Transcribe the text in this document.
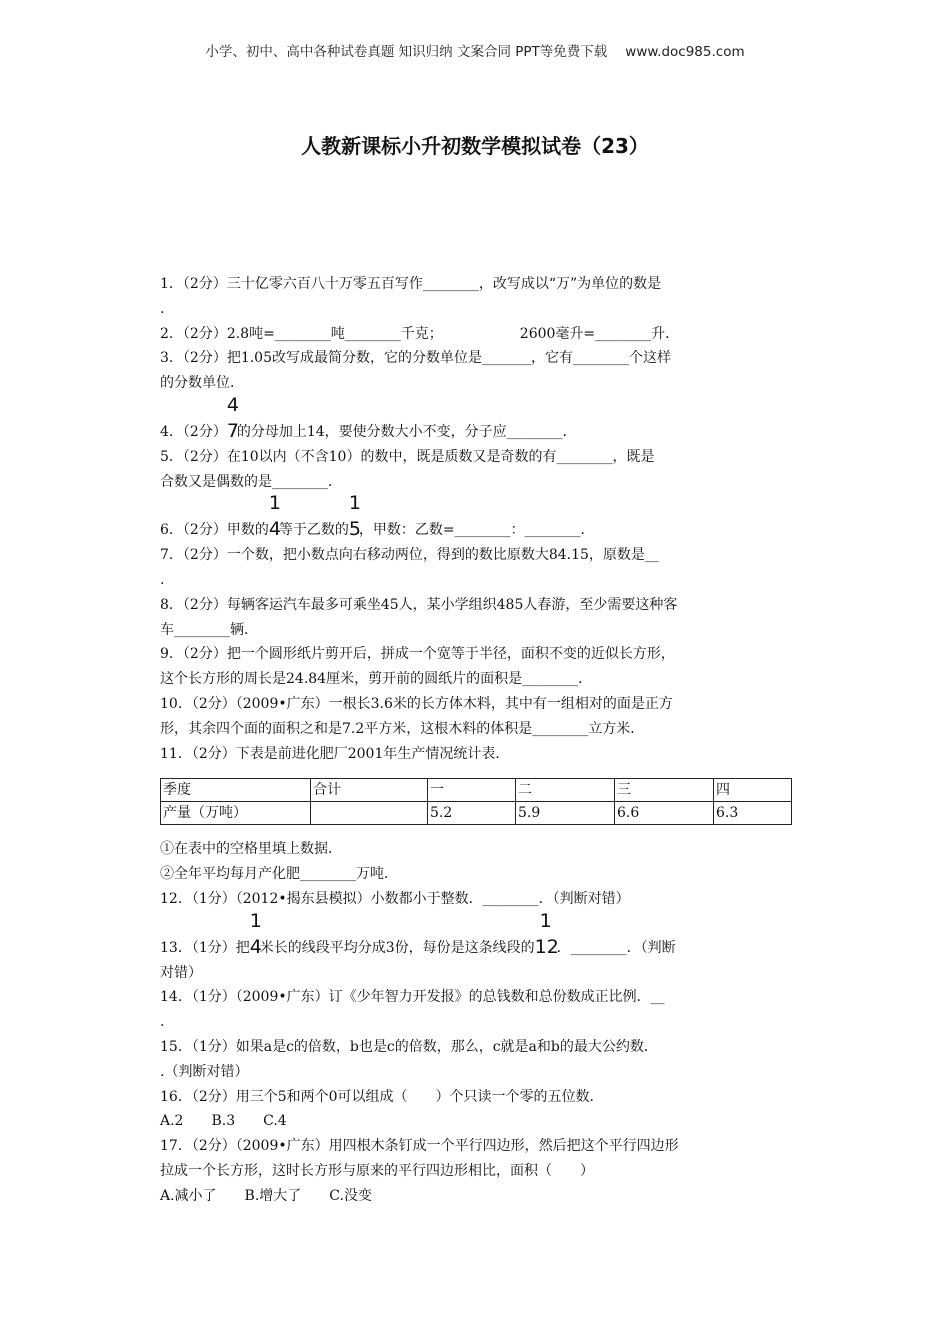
小学、初中、高中各种试卷真题 知识归纳 文案合同 PPT等免费下载 www.doc985.com
人教新课标小升初数学模拟试卷（23）
1．（2分）三十亿零六百八十万零五百写作________，改写成以“万”为单位的数是
.
2．（2分）2.8吨=________吨________千克；　　　　　　2600毫升=________升．
3．（2分）把1.05改写成最简分数，它的分数单位是_______，它有________个这样
的分数单位．
4．（2分）
4
7
的分母加上14，要使分数大小不变，分子应________．
5．（2分）在10以内（不含10）的数中，既是质数又是奇数的有________，既是
合数又是偶数的是________．
6．（2分）甲数的
1
4
等于乙数的
1
5
，甲数：乙数=________：________．
7．（2分）一个数，把小数点向右移动两位，得到的数比原数大84.15，原数是__
.
8．（2分）每辆客运汽车最多可乘坐45人，某小学组织485人春游，至少需要这种客
车________辆．
9．（2分）把一个圆形纸片剪开后，拼成一个宽等于半径，面积不变的近似长方形，
这个长方形的周长是24.84厘米，剪开前的圆纸片的面积是________．
10．（2分）（2009•广东）一根长3.6米的长方体木料，其中有一组相对的面是正方
形，其余四个面的面积之和是7.2平方米，这根木料的体积是________立方米．
11．（2分）下表是前进化肥厂2001年生产情况统计表．
季度	合计	一	二	三	四
产量（万吨）		5.2	5.9	6.6	6.3
①在表中的空格里填上数据．
②全年平均每月产化肥________万吨．
12．（1分）（2012•揭东县模拟）小数都小于整数．________．（判断对错）
13．（1分）把
1
4
米长的线段平均分成3份，每份是这条线段的
1
12
．________．（判断
对错）
14．（1分）（2009•广东）订《少年智力开发报》的总钱数和总份数成正比例．__
.
15．（1分）如果a是c的倍数，b也是c的倍数，那么，c就是a和b的最大公约数．
.（判断对错）
16．（2分）用三个5和两个0可以组成（　　）个只读一个零的五位数．
A.2　　B.3　　C.4
17．（2分）（2009•广东）用四根木条钉成一个平行四边形，然后把这个平行四边形
拉成一个长方形，这时长方形与原来的平行四边形相比，面积（　　）
A.减小了　　B.增大了　　C.没变
